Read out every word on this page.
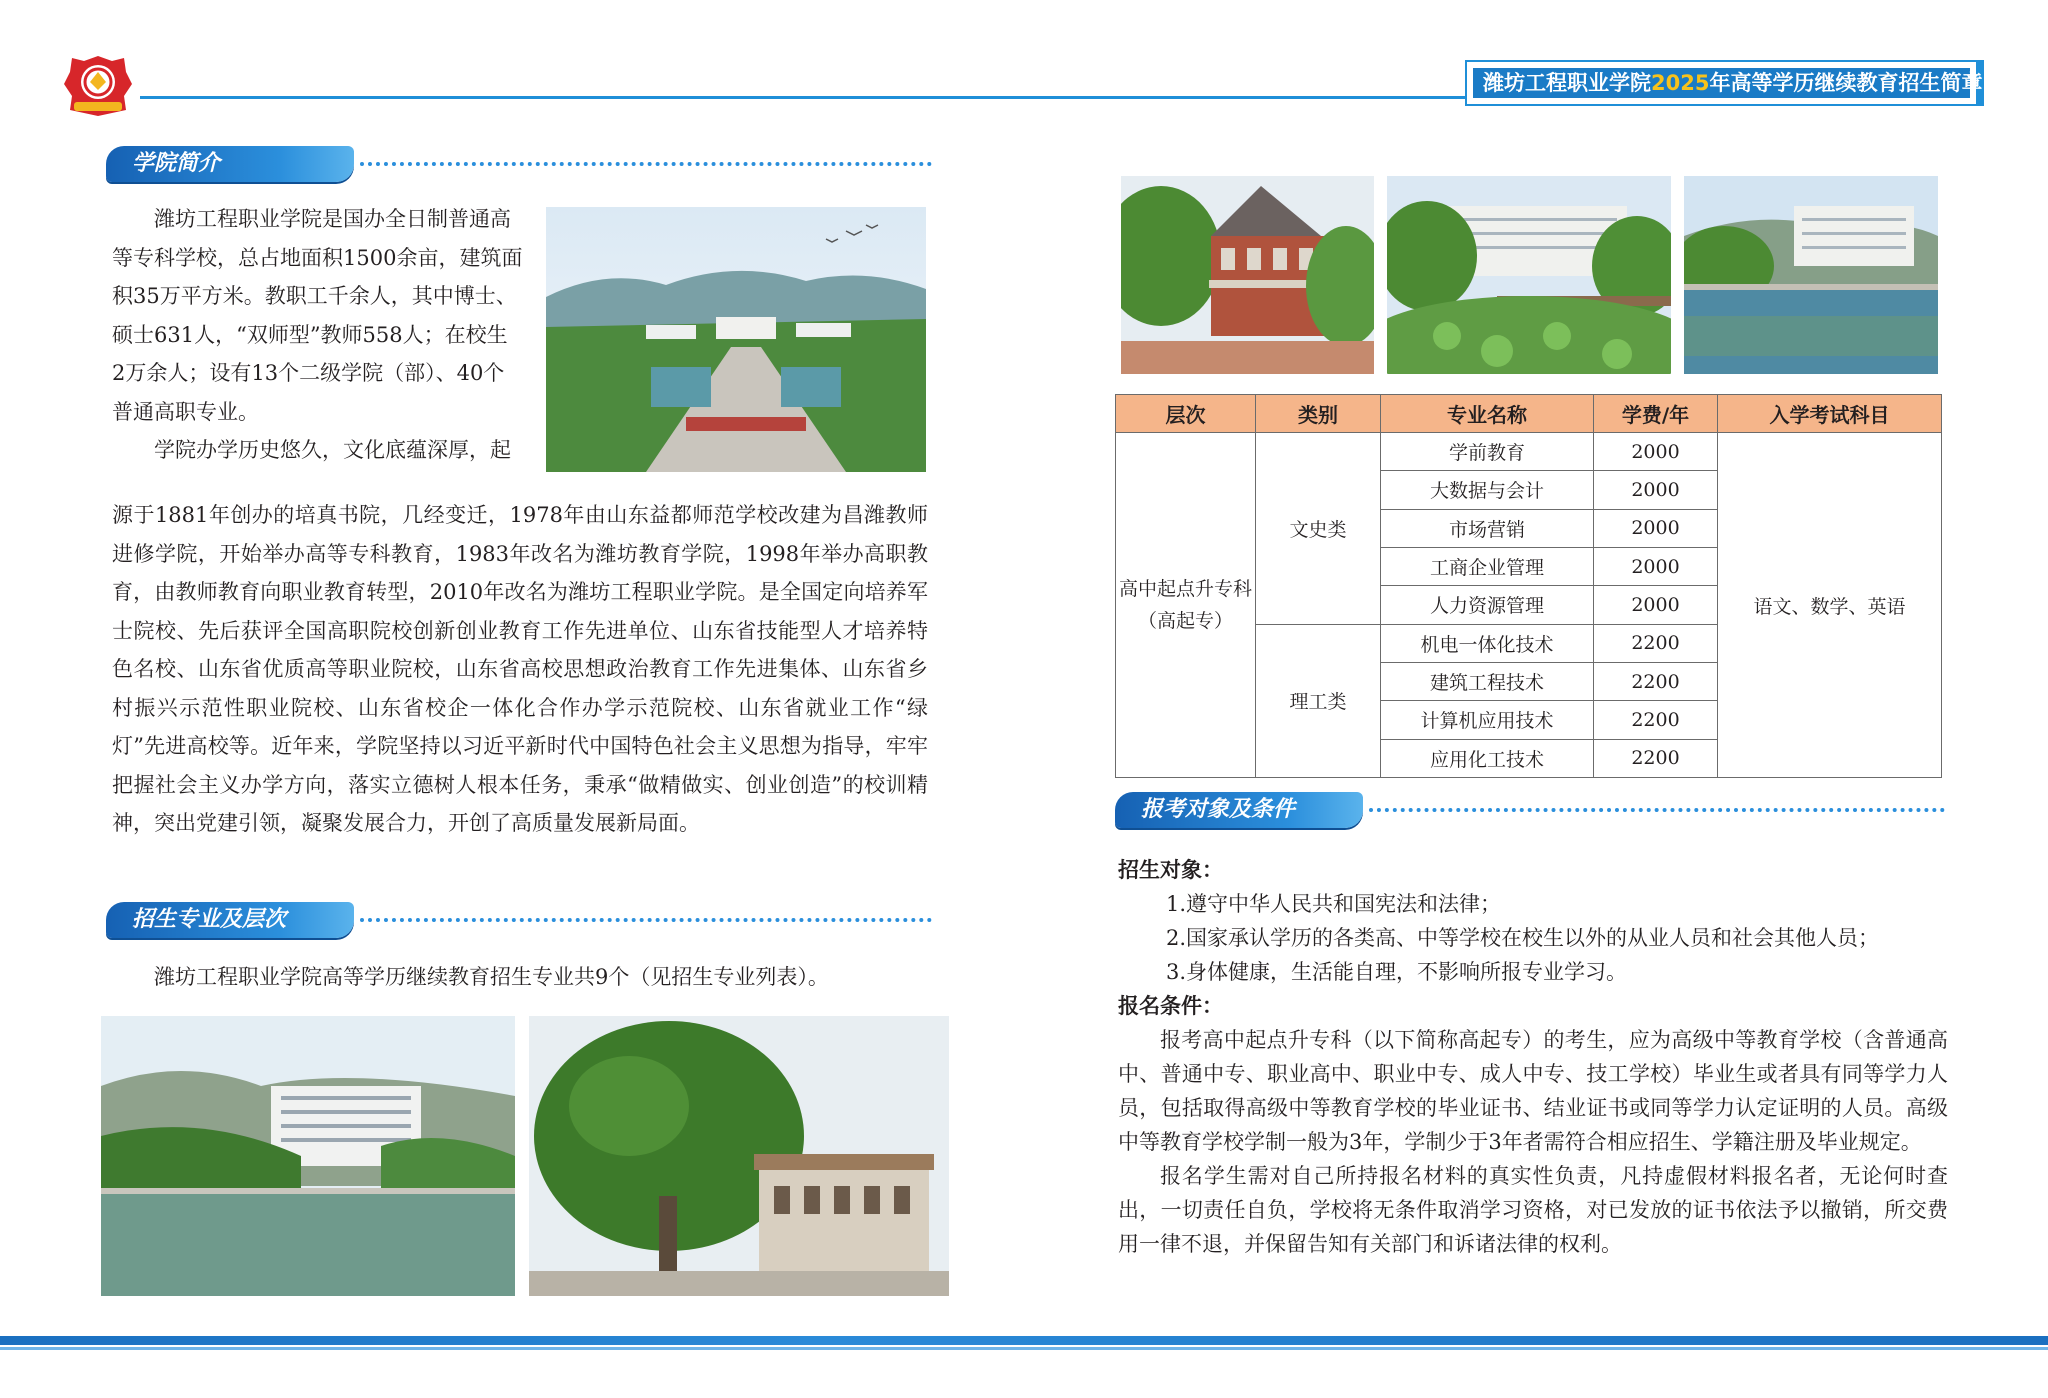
潍坊工程职业学院2025年高等学历继续教育招生简章
学院简介
潍坊工程职业学院是国办全日制普通高
等专科学校，总占地面积1500余亩，建筑面
积35万平方米。教职工千余人，其中博士、
硕士631人，“双师型”教师558人；在校生
2万余人；设有13个二级学院（部）、40个
普通高职专业。
学院办学历史悠久，文化底蕴深厚，起
源于1881年创办的培真书院，几经变迁，1978年由山东益都师范学校改建为昌潍教师进修学院，开始举办高等专科教育，1983年改名为潍坊教育学院，1998年举办高职教育，由教师教育向职业教育转型，2010年改名为潍坊工程职业学院。是全国定向培养军士院校、先后获评全国高职院校创新创业教育工作先进单位、山东省技能型人才培养特色名校、山东省优质高等职业院校，山东省高校思想政治教育工作先进集体、山东省乡村振兴示范性职业院校、山东省校企一体化合作办学示范院校、山东省就业工作“绿灯”先进高校等。近年来，学院坚持以习近平新时代中国特色社会主义思想为指导，牢牢把握社会主义办学方向，落实立德树人根本任务，秉承“做精做实、创业创造”的校训精神，突出党建引领，凝聚发展合力，开创了高质量发展新局面。
招生专业及层次
潍坊工程职业学院高等学历继续教育招生专业共9个（见招生专业列表）。
层次	类别	专业名称	学费/年	入学考试科目

高中起点升专科
（高起专）	文史类	学前教育	2000	语文、数学、英语
		大数据与会计	2000	
		市场营销	2000	
		工商企业管理	2000	
		人力资源管理	2000	
	理工类	机电一体化技术	2200	
		建筑工程技术	2200	
		计算机应用技术	2200	
		应用化工技术	2200	
报考对象及条件
招生对象：
1.遵守中华人民共和国宪法和法律；
2.国家承认学历的各类高、中等学校在校生以外的从业人员和社会其他人员；
3.身体健康，生活能自理，不影响所报专业学习。
报名条件：
报考高中起点升专科（以下简称高起专）的考生，应为高级中等教育学校（含普通高中、普通中专、职业高中、职业中专、成人中专、技工学校）毕业生或者具有同等学力人员，包括取得高级中等教育学校的毕业证书、结业证书或同等学力认定证明的人员。高级中等教育学校学制一般为3年，学制少于3年者需符合相应招生、学籍注册及毕业规定。
报名学生需对自己所持报名材料的真实性负责，凡持虚假材料报名者，无论何时查出，一切责任自负，学校将无条件取消学习资格，对已发放的证书依法予以撤销，所交费用一律不退，并保留告知有关部门和诉诸法律的权利。
